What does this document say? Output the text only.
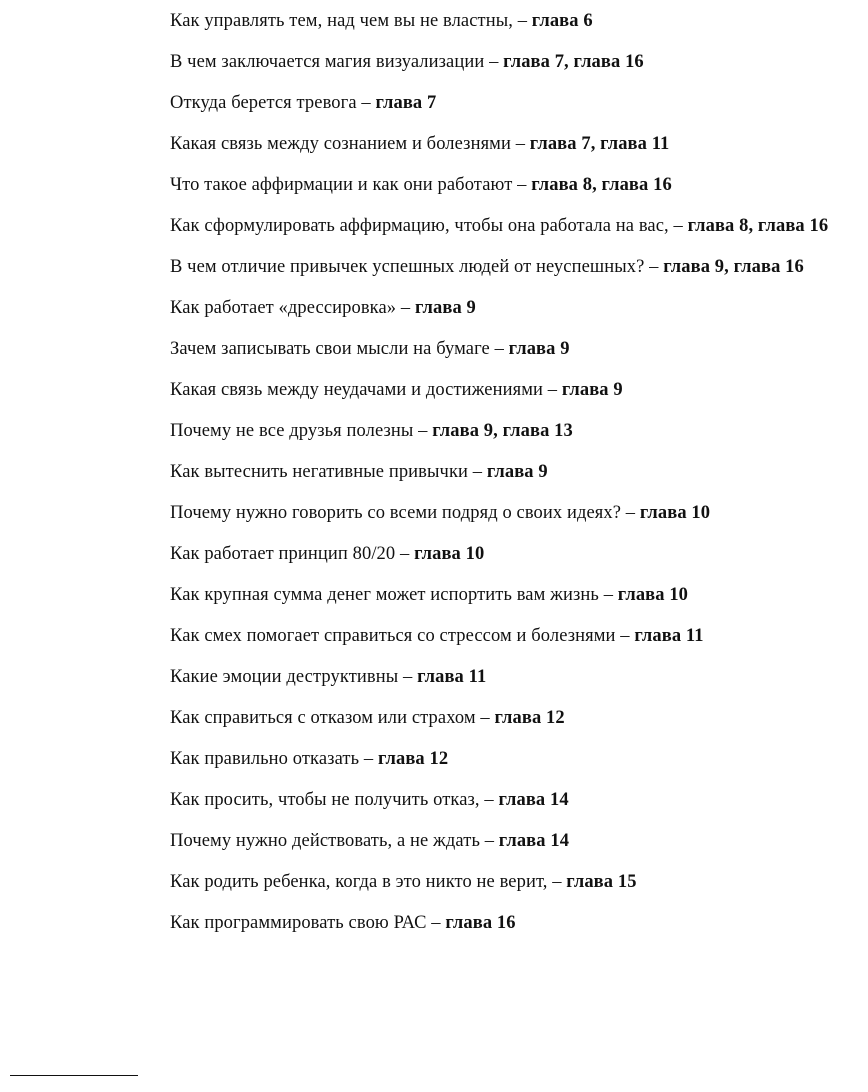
Как управлять тем, над чем вы не властны, – глава 6
В чем заключается магия визуализации – глава 7, глава 16
Откуда берется тревога – глава 7
Какая связь между сознанием и болезнями – глава 7, глава 11
Что такое аффирмации и как они работают – глава 8, глава 16
Как сформулировать аффирмацию, чтобы она работала на вас, – глава 8, глава 16
В чем отличие привычек успешных людей от неуспешных? – глава 9, глава 16
Как работает «дрессировка» – глава 9
Зачем записывать свои мысли на бумаге – глава 9
Какая связь между неудачами и достижениями – глава 9
Почему не все друзья полезны – глава 9, глава 13
Как вытеснить негативные привычки – глава 9
Почему нужно говорить со всеми подряд о своих идеях? – глава 10
Как работает принцип 80/20 – глава 10
Как крупная сумма денег может испортить вам жизнь – глава 10
Как смех помогает справиться со стрессом и болезнями – глава 11
Какие эмоции деструктивны – глава 11
Как справиться с отказом или страхом – глава 12
Как правильно отказать – глава 12
Как просить, чтобы не получить отказ, – глава 14
Почему нужно действовать, а не ждать – глава 14
Как родить ребенка, когда в это никто не верит, – глава 15
Как программировать свою РАС – глава 16
